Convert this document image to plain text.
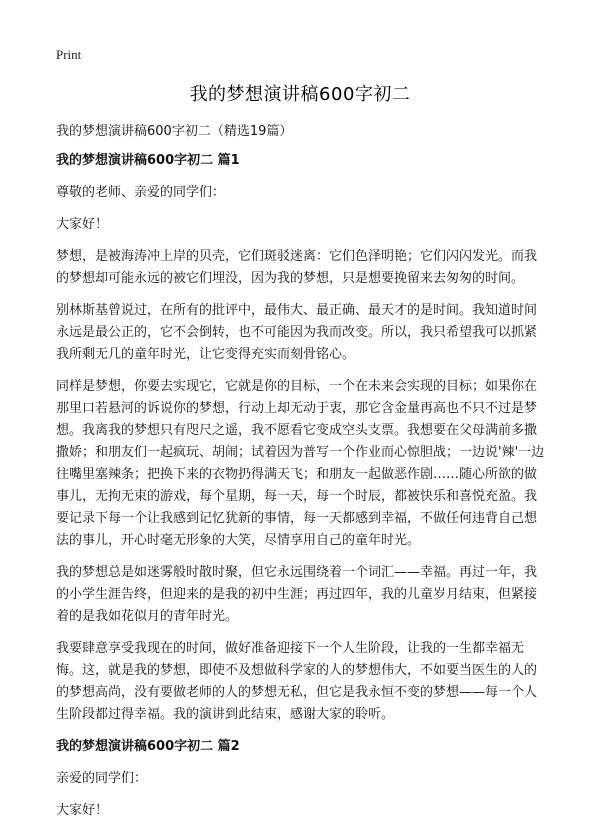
Print
我的梦想演讲稿600字初二
我的梦想演讲稿600字初二（精选19篇）
我的梦想演讲稿600字初二 篇1

尊敬的老师、亲爱的同学们：

大家好！

梦想，是被海涛冲上岸的贝壳，它们斑驳迷离：它们色泽明艳；它们闪闪发光。而我的梦想却可能永远的被它们埋没，因为我的梦想，只是想要挽留来去匆匆的时间。

别林斯基曾说过，在所有的批评中，最伟大、最正确、最天才的是时间。我知道时间永远是最公正的，它不会倒转，也不可能因为我而改变。所以，我只希望我可以抓紧我所剩无几的童年时光，让它变得充实而刻骨铭心。

同样是梦想，你要去实现它，它就是你的目标，一个在未来会实现的目标；如果你在那里口若悬河的诉说你的梦想，行动上却无动于衷，那它含金量再高也不只不过是梦想。我离我的梦想只有咫尺之遥，我不愿看它变成空头支票。我想要在父母满前多撒撒娇；和朋友们一起疯玩、胡闹；试着因为普写一个作业而心惊胆战；一边说'辣'一边往嘴里塞辣条；把换下来的衣物扔得满天飞；和朋友一起做恶作剧……随心所欲的做事儿，无拘无束的游戏，每个星期，每一天，每一个时辰，都被快乐和喜悦充盈。我要记录下每一个让我感到记忆犹新的事情，每一天都感到幸福，不做任何违背自己想法的事儿，开心时毫无形象的大笑，尽情享用自己的童年时光。

我的梦想总是如迷雾般时散时聚，但它永远围绕着一个词汇——幸福。再过一年，我的小学生涯告终，但迎来的是我的初中生涯；再过四年，我的儿童岁月结束，但紧接着的是我如花似月的青年时光。

我要肆意享受我现在的时间，做好准备迎接下一个人生阶段，让我的一生都幸福无悔。这，就是我的梦想，即使不及想做科学家的人的梦想伟大，不如要当医生的人的的梦想高尚，没有要做老师的人的梦想无私，但它是我永恒不变的梦想——每一个人生阶段都过得幸福。我的演讲到此结束，感谢大家的聆听。

我的梦想演讲稿600字初二 篇2

亲爱的同学们：

大家好！
